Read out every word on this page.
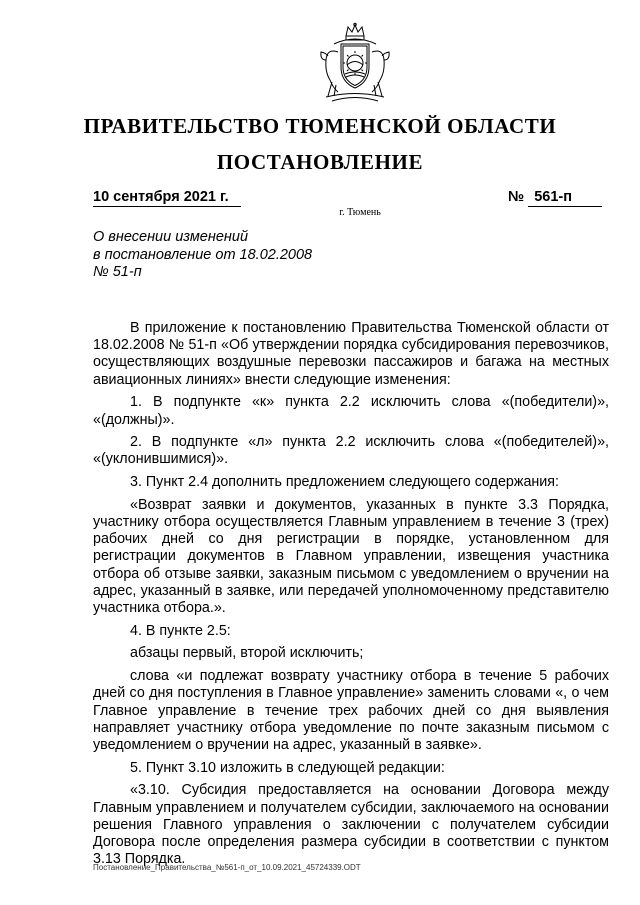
ПРАВИТЕЛЬСТВО ТЮМЕНСКОЙ ОБЛАСТИ
ПОСТАНОВЛЕНИЕ
10 сентября 2021 г.	№ 561-п
г. Тюмень
О внесении изменений
в постановление от 18.02.2008
№ 51-п

В приложение к постановлению Правительства Тюменской области от 18.02.2008 № 51-п «Об утверждении порядка субсидирования перевозчиков, осуществляющих воздушные перевозки пассажиров и багажа на местных авиационных линиях» внести следующие изменения:

1. В подпункте «к» пункта 2.2 исключить слова «(победители)», «(должны)».

2. В подпункте «л» пункта 2.2 исключить слова «(победителей)», «(уклонившимися)».

3. Пункт 2.4 дополнить предложением следующего содержания:

«Возврат заявки и документов, указанных в пункте 3.3 Порядка, участнику отбора осуществляется Главным управлением в течение 3 (трех) рабочих дней со дня регистрации в порядке, установленном для регистрации документов в Главном управлении, извещения участника отбора об отзыве заявки, заказным письмом с уведомлением о вручении на адрес, указанный в заявке, или передачей уполномоченному представителю участника отбора.».

4. В пункте 2.5:

абзацы первый, второй исключить;

слова «и подлежат возврату участнику отбора в течение 5 рабочих дней со дня поступления в Главное управление» заменить словами «, о чем Главное управление в течение трех рабочих дней со дня выявления направляет участнику отбора уведомление по почте заказным письмом с уведомлением о вручении на адрес, указанный в заявке».

5. Пункт 3.10 изложить в следующей редакции:

«3.10. Субсидия предоставляется на основании Договора между Главным управлением и получателем субсидии, заключаемого на основании решения Главного управления о заключении с получателем субсидии Договора после определения размера субсидии в соответствии с пунктом 3.13 Порядка.

Постановление_Правительства_№561-п_от_10.09.2021_45724339.ODT
